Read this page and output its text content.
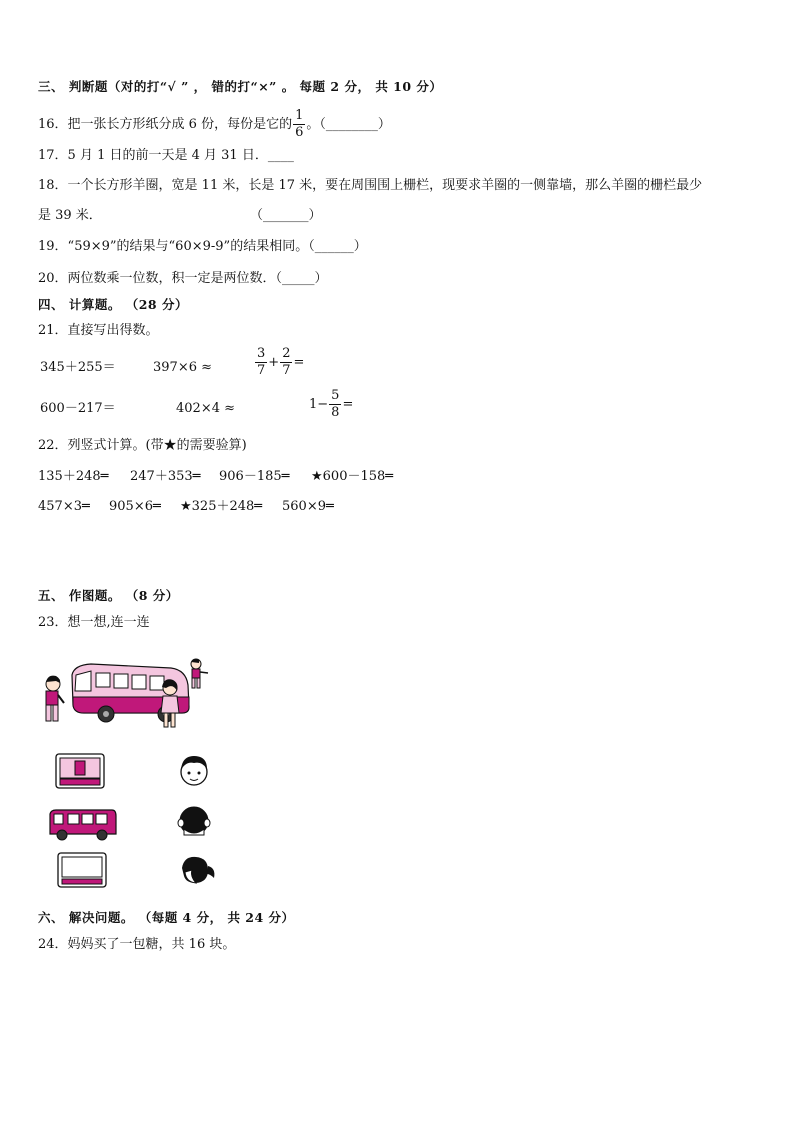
三、 判断题（对的打“√ ” ， 错的打“×” 。 每题 2 分， 共 10 分）
16．把一张长方形纸分成 6 份，每份是它的 $\frac{1}{6}$ 。（________）
17．5 月 1 日的前一天是 4 月 31 日．____
18．一个长方形羊圈，宽是 11 米，长是 17 米，要在周围围上栅栏，现要求羊圈的一侧靠墙，那么羊圈的栅栏最少
是 39 米．	（_______）
19．“59×9”的结果与“60×9-9”的结果相同。（______）
20．两位数乘一位数，积一定是两位数．（_____）
四、 计算题。 （28 分）
21．直接写出得数。
345＋255＝	397×6 ≈	$\frac{3}{7} + \frac{2}{7}$ =
600－217＝	402×4 ≈	$1- \frac{5}{8}$ =
22．列竖式计算。(带★的需要验算)
135＋248═ 247＋353═ 906－185═ ★600－158═
457×3═ 905×6═ ★325＋248═ 560×9═
五、 作图题。 （8 分）
23．想一想,连一连
六、 解决问题。 （每题 4 分， 共 24 分）
24．妈妈买了一包糖，共 16 块。
